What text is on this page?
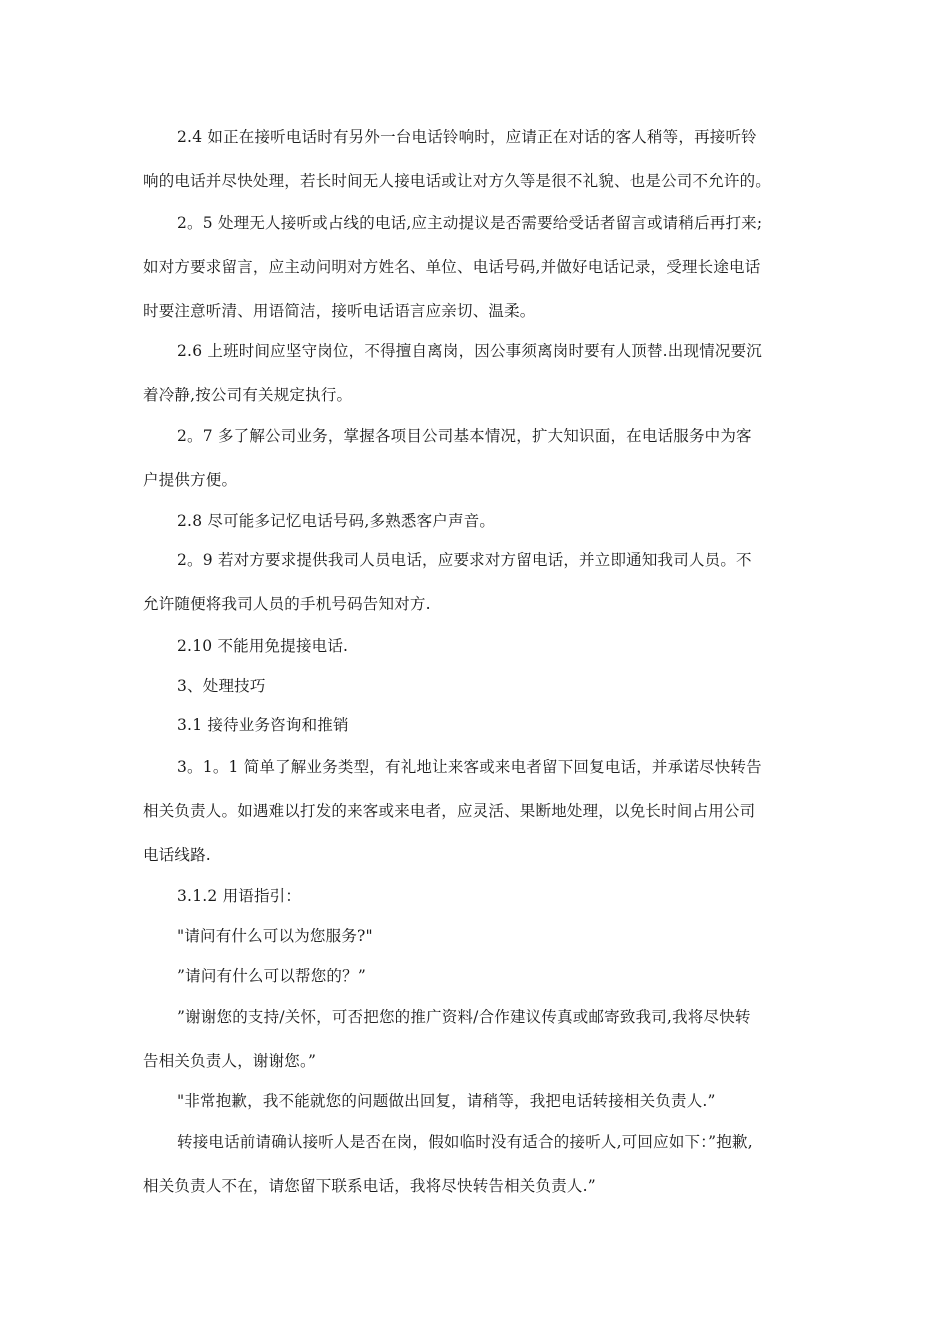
2.4 如正在接听电话时有另外一台电话铃响时，应请正在对话的客人稍等，再接听铃
响的电话并尽快处理，若长时间无人接电话或让对方久等是很不礼貌、也是公司不允许的。
2。5 处理无人接听或占线的电话,应主动提议是否需要给受话者留言或请稍后再打来;
如对方要求留言，应主动问明对方姓名、单位、电话号码,并做好电话记录，受理长途电话
时要注意听清、用语简洁，接听电话语言应亲切、温柔。
2.6 上班时间应坚守岗位，不得擅自离岗，因公事须离岗时要有人顶替.出现情况要沉
着冷静,按公司有关规定执行。
2。7 多了解公司业务，掌握各项目公司基本情况，扩大知识面，在电话服务中为客
户提供方便。
2.8 尽可能多记忆电话号码,多熟悉客户声音。
2。9 若对方要求提供我司人员电话，应要求对方留电话，并立即通知我司人员。不
允许随便将我司人员的手机号码告知对方.
2.10 不能用免提接电话.
3、处理技巧
3.1 接待业务咨询和推销
3。1。1 简单了解业务类型，有礼地让来客或来电者留下回复电话，并承诺尽快转告
相关负责人。如遇难以打发的来客或来电者，应灵活、果断地处理，以免长时间占用公司
电话线路.
3.1.2 用语指引：
"请问有什么可以为您服务?"
”请问有什么可以帮您的？”
”谢谢您的支持/关怀，可否把您的推广资料/合作建议传真或邮寄致我司,我将尽快转
告相关负责人，谢谢您。”
"非常抱歉，我不能就您的问题做出回复，请稍等，我把电话转接相关负责人.”
转接电话前请确认接听人是否在岗，假如临时没有适合的接听人,可回应如下：”抱歉,
相关负责人不在，请您留下联系电话，我将尽快转告相关负责人.”
